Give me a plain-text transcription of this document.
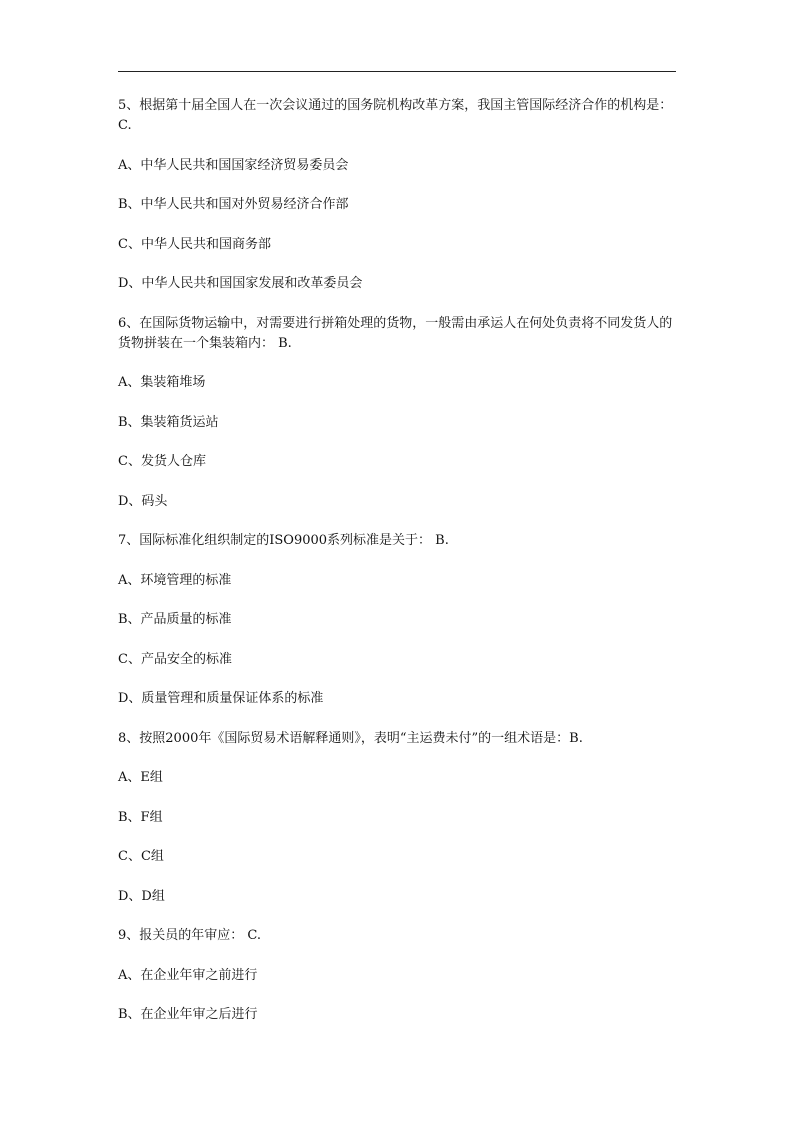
5、根据第十届全国人在一次会议通过的国务院机构改革方案，我国主管国际经济合作的机构是： C.
A、中华人民共和国国家经济贸易委员会
B、中华人民共和国对外贸易经济合作部
C、中华人民共和国商务部
D、中华人民共和国国家发展和改革委员会
6、在国际货物运输中，对需要进行拼箱处理的货物，一般需由承运人在何处负责将不同发货人的货物拼装在一个集装箱内： B.
A、集装箱堆场
B、集装箱货运站
C、发货人仓库
D、码头
7、国际标准化组织制定的ISO9000系列标准是关于： B.
A、环境管理的标准
B、产品质量的标准
C、产品安全的标准
D、质量管理和质量保证体系的标准
8、按照2000年《国际贸易术语解释通则》，表明“主运费未付”的一组术语是：B.
A、E组
B、F组
C、C组
D、D组
9、报关员的年审应： C.
A、在企业年审之前进行
B、在企业年审之后进行
